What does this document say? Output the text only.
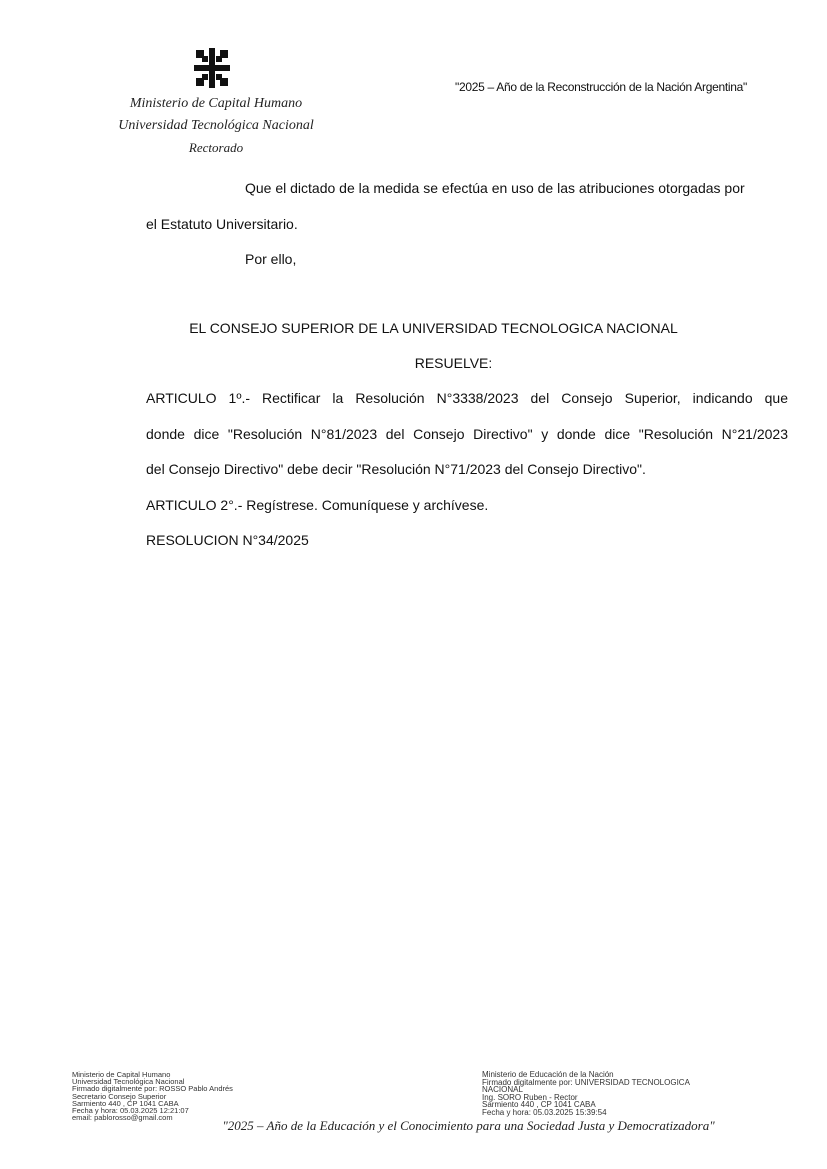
Ministerio de Capital Humano
Universidad Tecnológica Nacional
Rectorado
"2025 – Año de la Reconstrucción de la Nación Argentina"
Que el dictado de la medida se efectúa en uso de las atribuciones otorgadas por
el Estatuto Universitario.
Por ello,
EL CONSEJO SUPERIOR DE LA UNIVERSIDAD TECNOLOGICA NACIONAL
RESUELVE:
ARTICULO 1º.- Rectificar la Resolución N°3338/2023 del Consejo Superior, indicando que
donde dice "Resolución N°81/2023 del Consejo Directivo" y donde dice "Resolución N°21/2023
del Consejo Directivo" debe decir "Resolución N°71/2023 del Consejo Directivo".
ARTICULO 2°.- Regístrese. Comuníquese y archívese.
RESOLUCION N°34/2025
Ministerio de Capital Humano
Universidad Tecnológica Nacional
Firmado digitalmente por: ROSSO Pablo Andrés
Secretario Consejo Superior
Sarmiento 440 , CP 1041 CABA
Fecha y hora: 05.03.2025 12:21:07
email: pablorosso@gmail.com
Ministerio de Educación de la Nación
Firmado digitalmente por: UNIVERSIDAD TECNOLOGICA
NACIONAL
Ing. SORO Ruben - Rector
Sarmiento 440 , CP 1041 CABA
Fecha y hora: 05.03.2025 15:39:54
"2025 – Año de la Educación y el Conocimiento para una Sociedad Justa y Democratizadora"
